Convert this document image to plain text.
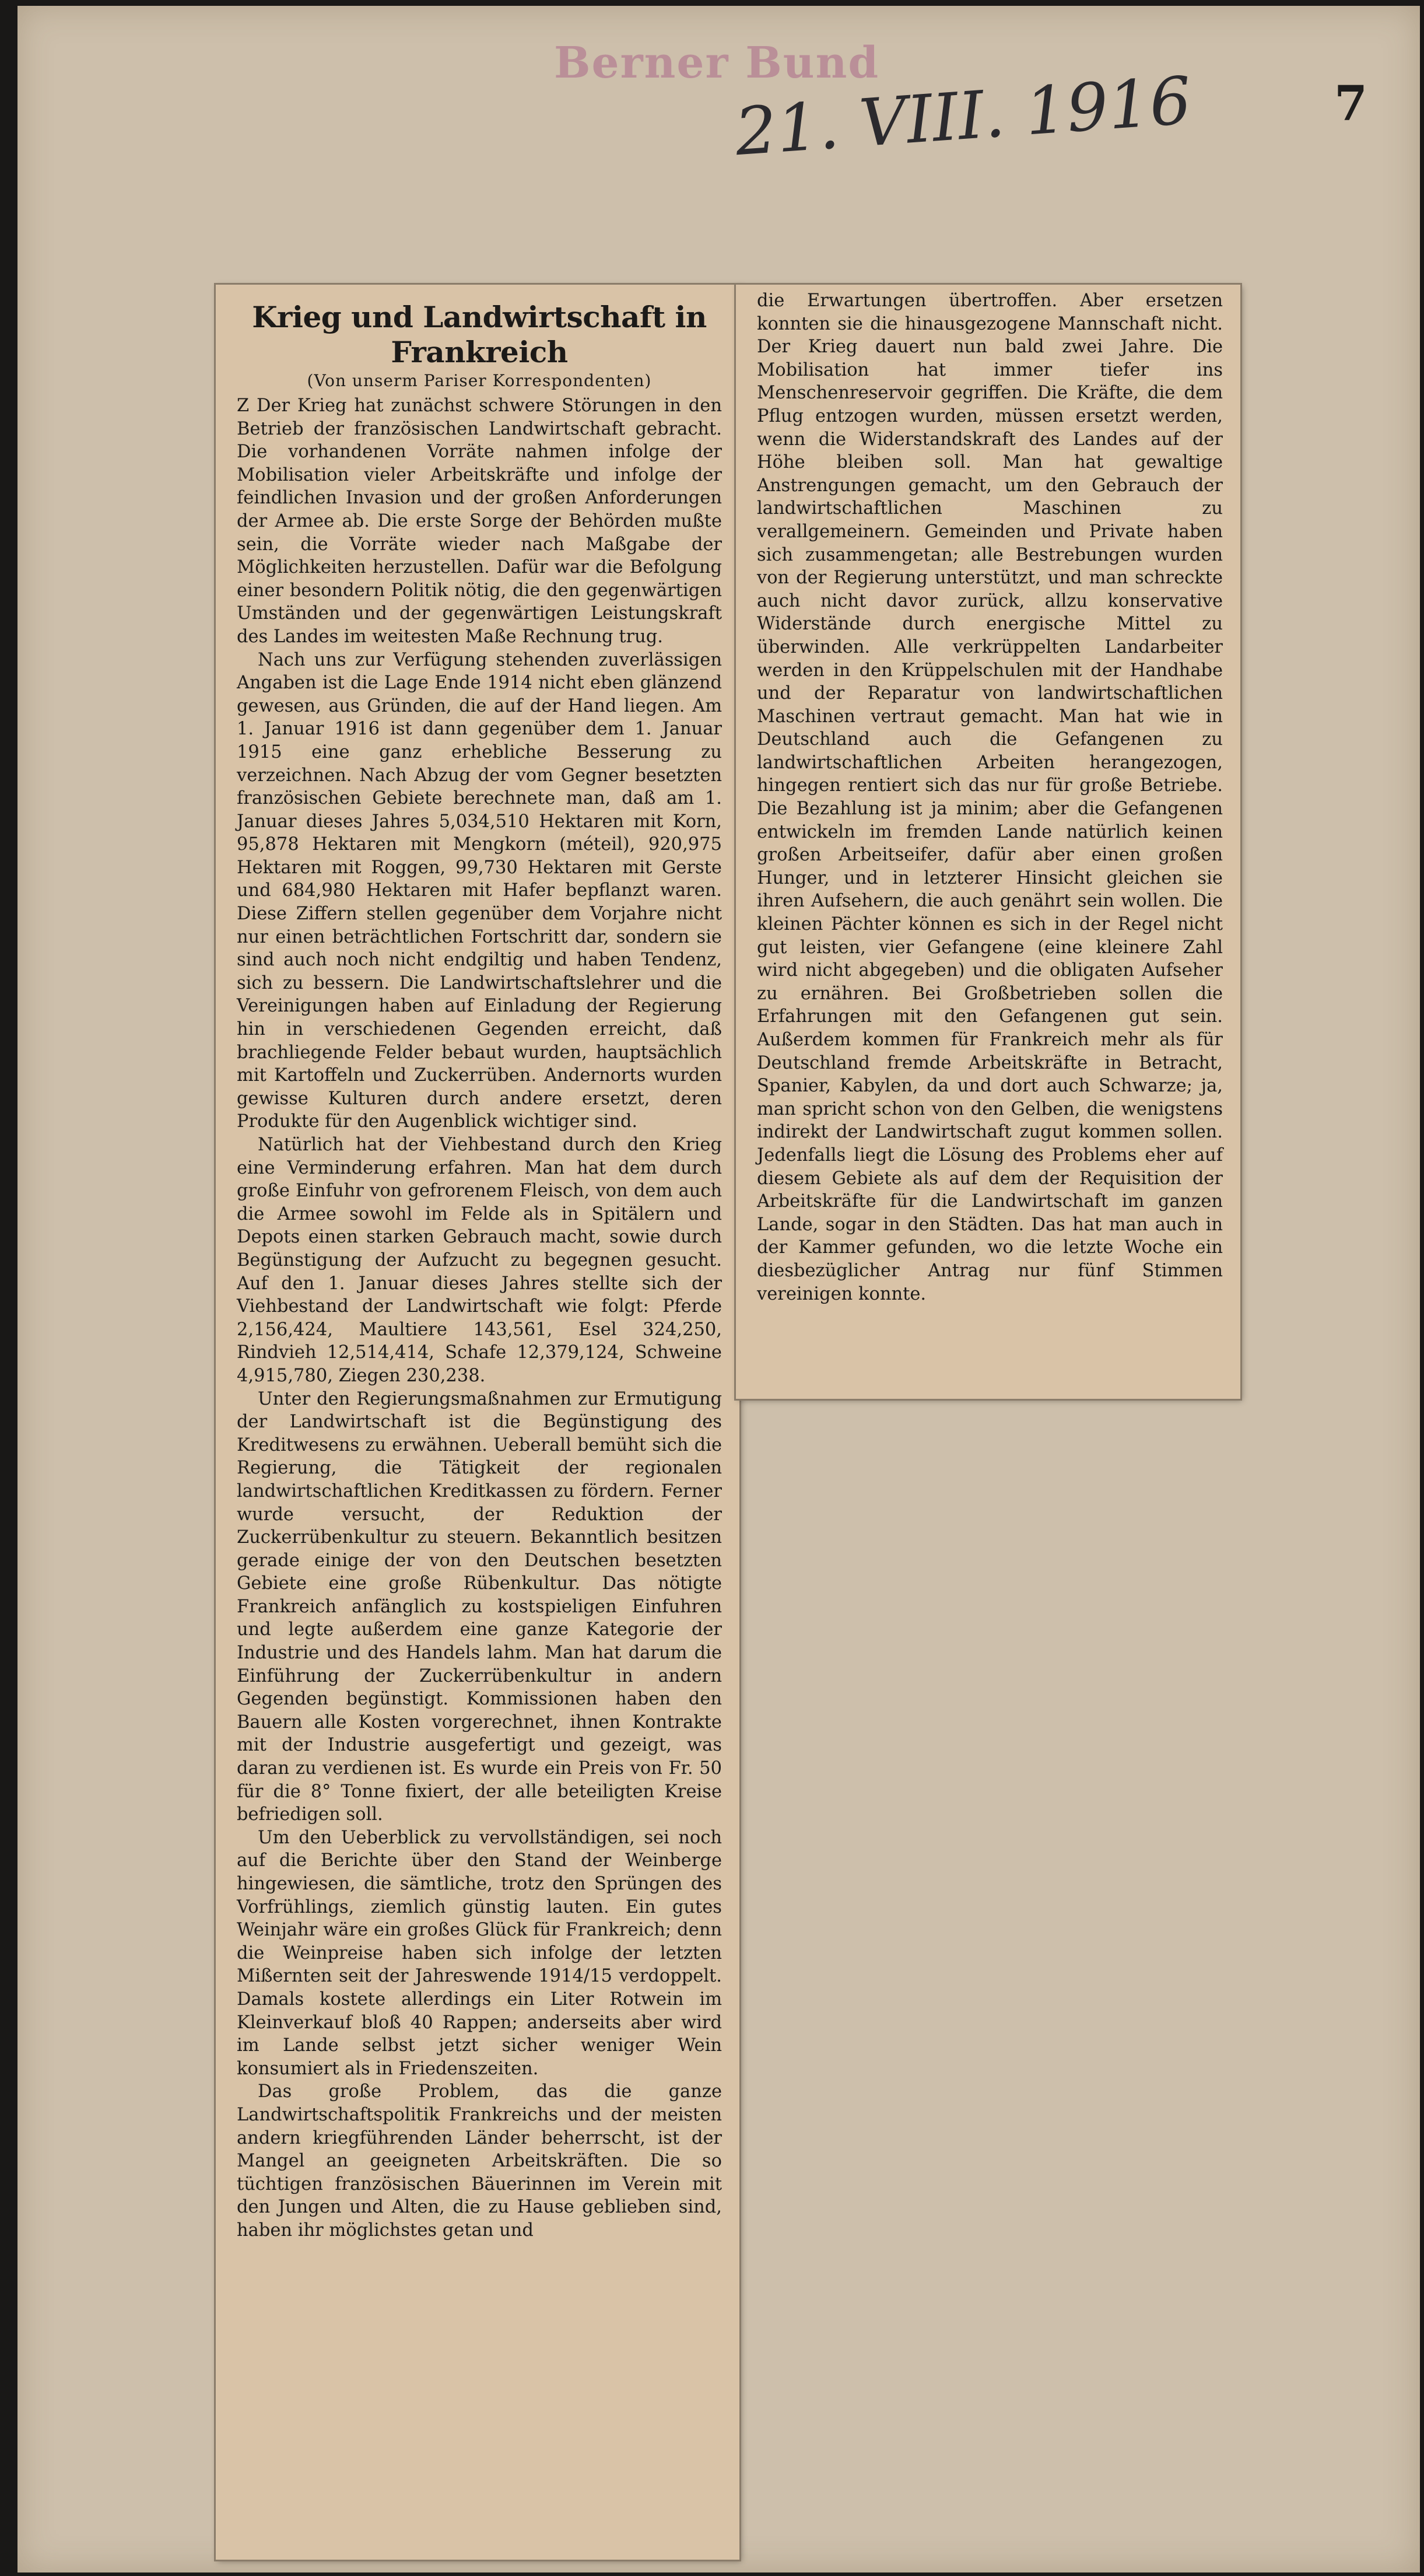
Berner Bund
21. VIII. 1916	7
Krieg und Landwirtschaft in Frankreich
(Von unserm Pariser Korrespondenten)

Z Der Krieg hat zunächst schwere Störungen in den Betrieb der französischen Landwirtschaft gebracht. Die vorhandenen Vorräte nahmen infolge der Mobilisation vieler Arbeitskräfte und infolge der feindlichen Invasion und der großen Anforderungen der Armee ab. Die erste Sorge der Behörden mußte sein, die Vorräte wieder nach Maßgabe der Möglichkeiten herzustellen. Dafür war die Befolgung einer besondern Politik nötig, die den gegenwärtigen Umständen und der gegenwärtigen Leistungskraft des Landes im weitesten Maße Rechnung trug.

Nach uns zur Verfügung stehenden zuverlässigen Angaben ist die Lage Ende 1914 nicht eben glänzend gewesen, aus Gründen, die auf der Hand liegen. Am 1. Januar 1916 ist dann gegenüber dem 1. Januar 1915 eine ganz erhebliche Besserung zu verzeichnen. Nach Abzug der vom Gegner besetzten französischen Gebiete berechnete man, daß am 1. Januar dieses Jahres 5,034,510 Hektaren mit Korn, 95,878 Hektaren mit Mengkorn (méteil), 920,975 Hektaren mit Roggen, 99,730 Hektaren mit Gerste und 684,980 Hektaren mit Hafer bepflanzt waren. Diese Ziffern stellen gegenüber dem Vorjahre nicht nur einen beträchtlichen Fortschritt dar, sondern sie sind auch noch nicht endgiltig und haben Tendenz, sich zu bessern. Die Landwirtschaftslehrer und die Vereinigungen haben auf Einladung der Regierung hin in verschiedenen Gegenden erreicht, daß brachliegende Felder bebaut wurden, hauptsächlich mit Kartoffeln und Zuckerrüben. Andernorts wurden gewisse Kulturen durch andere ersetzt, deren Produkte für den Augenblick wichtiger sind.

Natürlich hat der Viehbestand durch den Krieg eine Verminderung erfahren. Man hat dem durch große Einfuhr von gefrorenem Fleisch, von dem auch die Armee sowohl im Felde als in Spitälern und Depots einen starken Gebrauch macht, sowie durch Begünstigung der Aufzucht zu begegnen gesucht. Auf den 1. Januar dieses Jahres stellte sich der Viehbestand der Landwirtschaft wie folgt: Pferde 2,156,424, Maultiere 143,561, Esel 324,250, Rindvieh 12,514,414, Schafe 12,379,124, Schweine 4,915,780, Ziegen 230,238.

Unter den Regierungsmaßnahmen zur Ermutigung der Landwirtschaft ist die Begünstigung des Kreditwesens zu erwähnen. Ueberall bemüht sich die Regierung, die Tätigkeit der regionalen landwirtschaftlichen Kreditkassen zu fördern. Ferner wurde versucht, der Reduktion der Zuckerrübenkultur zu steuern. Bekanntlich besitzen gerade einige der von den Deutschen besetzten Gebiete eine große Rübenkultur. Das nötigte Frankreich anfänglich zu kostspieligen Einfuhren und legte außerdem eine ganze Kategorie der Industrie und des Handels lahm. Man hat darum die Einführung der Zuckerrübenkultur in andern Gegenden begünstigt. Kommissionen haben den Bauern alle Kosten vorgerechnet, ihnen Kontrakte mit der Industrie ausgefertigt und gezeigt, was daran zu verdienen ist. Es wurde ein Preis von Fr. 50 für die 8° Tonne fixiert, der alle beteiligten Kreise befriedigen soll.

Um den Ueberblick zu vervollständigen, sei noch auf die Berichte über den Stand der Weinberge hingewiesen, die sämtliche, trotz den Sprüngen des Vorfrühlings, ziemlich günstig lauten. Ein gutes Weinjahr wäre ein großes Glück für Frankreich; denn die Weinpreise haben sich infolge der letzten Mißernten seit der Jahreswende 1914/15 verdoppelt. Damals kostete allerdings ein Liter Rotwein im Kleinverkauf bloß 40 Rappen; anderseits aber wird im Lande selbst jetzt sicher weniger Wein konsumiert als in Friedenszeiten.

Das große Problem, das die ganze Landwirtschaftspolitik Frankreichs und der meisten andern kriegführenden Länder beherrscht, ist der Mangel an geeigneten Arbeitskräften. Die so tüchtigen französischen Bäuerinnen im Verein mit den Jungen und Alten, die zu Hause geblieben sind, haben ihr möglichstes getan und

die Erwartungen übertroffen. Aber ersetzen konnten sie die hinausgezogene Mannschaft nicht. Der Krieg dauert nun bald zwei Jahre. Die Mobilisation hat immer tiefer ins Menschenreservoir gegriffen. Die Kräfte, die dem Pflug entzogen wurden, müssen ersetzt werden, wenn die Widerstandskraft des Landes auf der Höhe bleiben soll. Man hat gewaltige Anstrengungen gemacht, um den Gebrauch der landwirtschaftlichen Maschinen zu verallgemeinern. Gemeinden und Private haben sich zusammengetan; alle Bestrebungen wurden von der Regierung unterstützt, und man schreckte auch nicht davor zurück, allzu konservative Widerstände durch energische Mittel zu überwinden. Alle verkrüppelten Landarbeiter werden in den Krüppelschulen mit der Handhabe und der Reparatur von landwirtschaftlichen Maschinen vertraut gemacht. Man hat wie in Deutschland auch die Gefangenen zu landwirtschaftlichen Arbeiten herangezogen, hingegen rentiert sich das nur für große Betriebe. Die Bezahlung ist ja minim; aber die Gefangenen entwickeln im fremden Lande natürlich keinen großen Arbeitseifer, dafür aber einen großen Hunger, und in letzterer Hinsicht gleichen sie ihren Aufsehern, die auch genährt sein wollen. Die kleinen Pächter können es sich in der Regel nicht gut leisten, vier Gefangene (eine kleinere Zahl wird nicht abgegeben) und die obligaten Aufseher zu ernähren. Bei Großbetrieben sollen die Erfahrungen mit den Gefangenen gut sein. Außerdem kommen für Frankreich mehr als für Deutschland fremde Arbeitskräfte in Betracht, Spanier, Kabylen, da und dort auch Schwarze; ja, man spricht schon von den Gelben, die wenigstens indirekt der Landwirtschaft zugut kommen sollen. Jedenfalls liegt die Lösung des Problems eher auf diesem Gebiete als auf dem der Requisition der Arbeitskräfte für die Landwirtschaft im ganzen Lande, sogar in den Städten. Das hat man auch in der Kammer gefunden, wo die letzte Woche ein diesbezüglicher Antrag nur fünf Stimmen vereinigen konnte.
